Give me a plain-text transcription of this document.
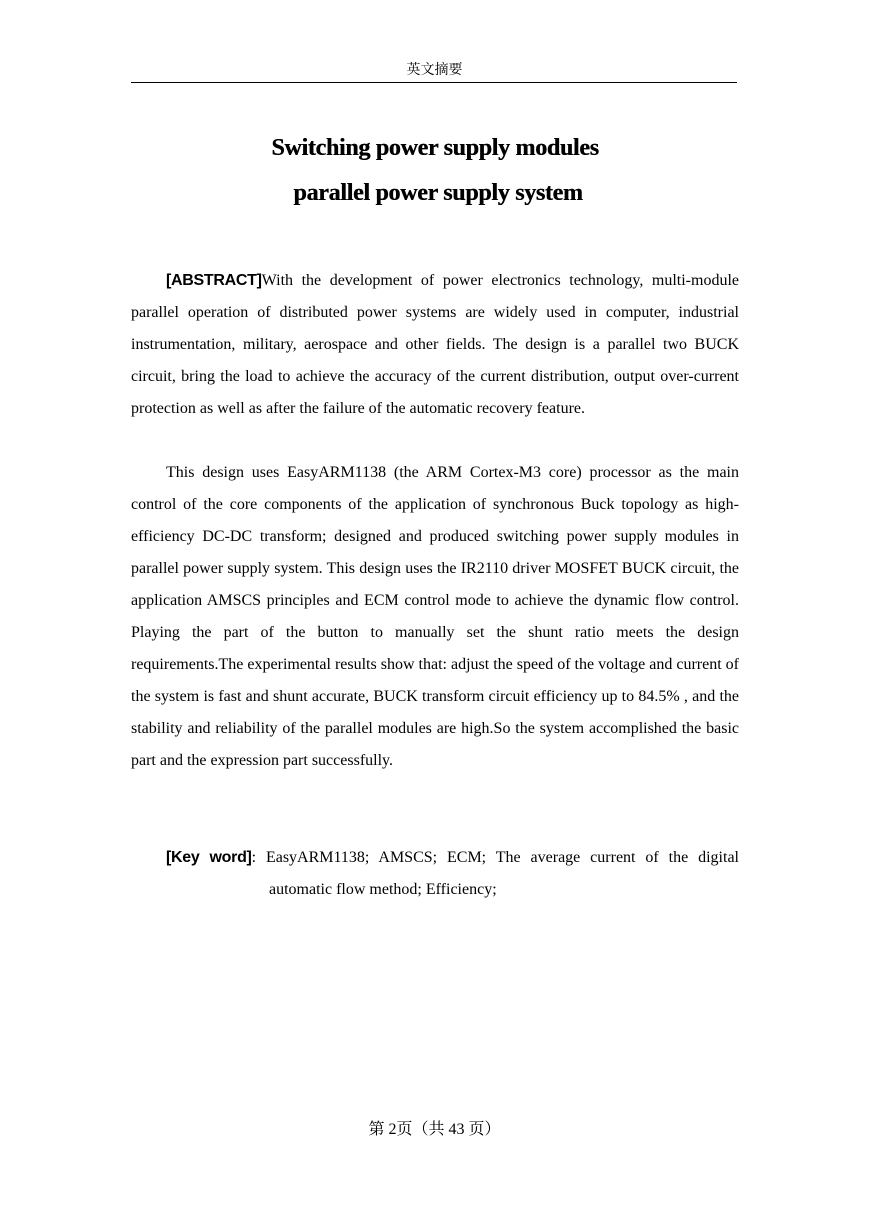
英文摘要
Switching power supply modules
parallel power supply system

[ABSTRACT]With the development of power electronics technology, multi-module parallel operation of distributed power systems are widely used in computer, industrial instrumentation, military, aerospace and other fields. The design is a parallel two BUCK circuit, bring the load to achieve the accuracy of the current distribution, output over-current protection as well as after the failure of the automatic recovery feature.

This design uses EasyARM1138 (the ARM Cortex-M3 core) processor as the main control of the core components of the application of synchronous Buck topology as high-efficiency DC-DC transform; designed and produced switching power supply modules in parallel power supply system. This design uses the IR2110 driver MOSFET BUCK circuit, the application AMSCS principles and ECM control mode to achieve the dynamic flow control. Playing the part of the button to manually set the shunt ratio meets the design requirements.The experimental results show that: adjust the speed of the voltage and current of the system is fast and shunt accurate, BUCK transform circuit efficiency up to 84.5% , and the stability and reliability of the parallel modules are high.So the system accomplished the basic part and the expression part successfully.

[Key word]: EasyARM1138; AMSCS; ECM; The average current of the digital automatic flow method; Efficiency;

第 2页（共 43 页）
